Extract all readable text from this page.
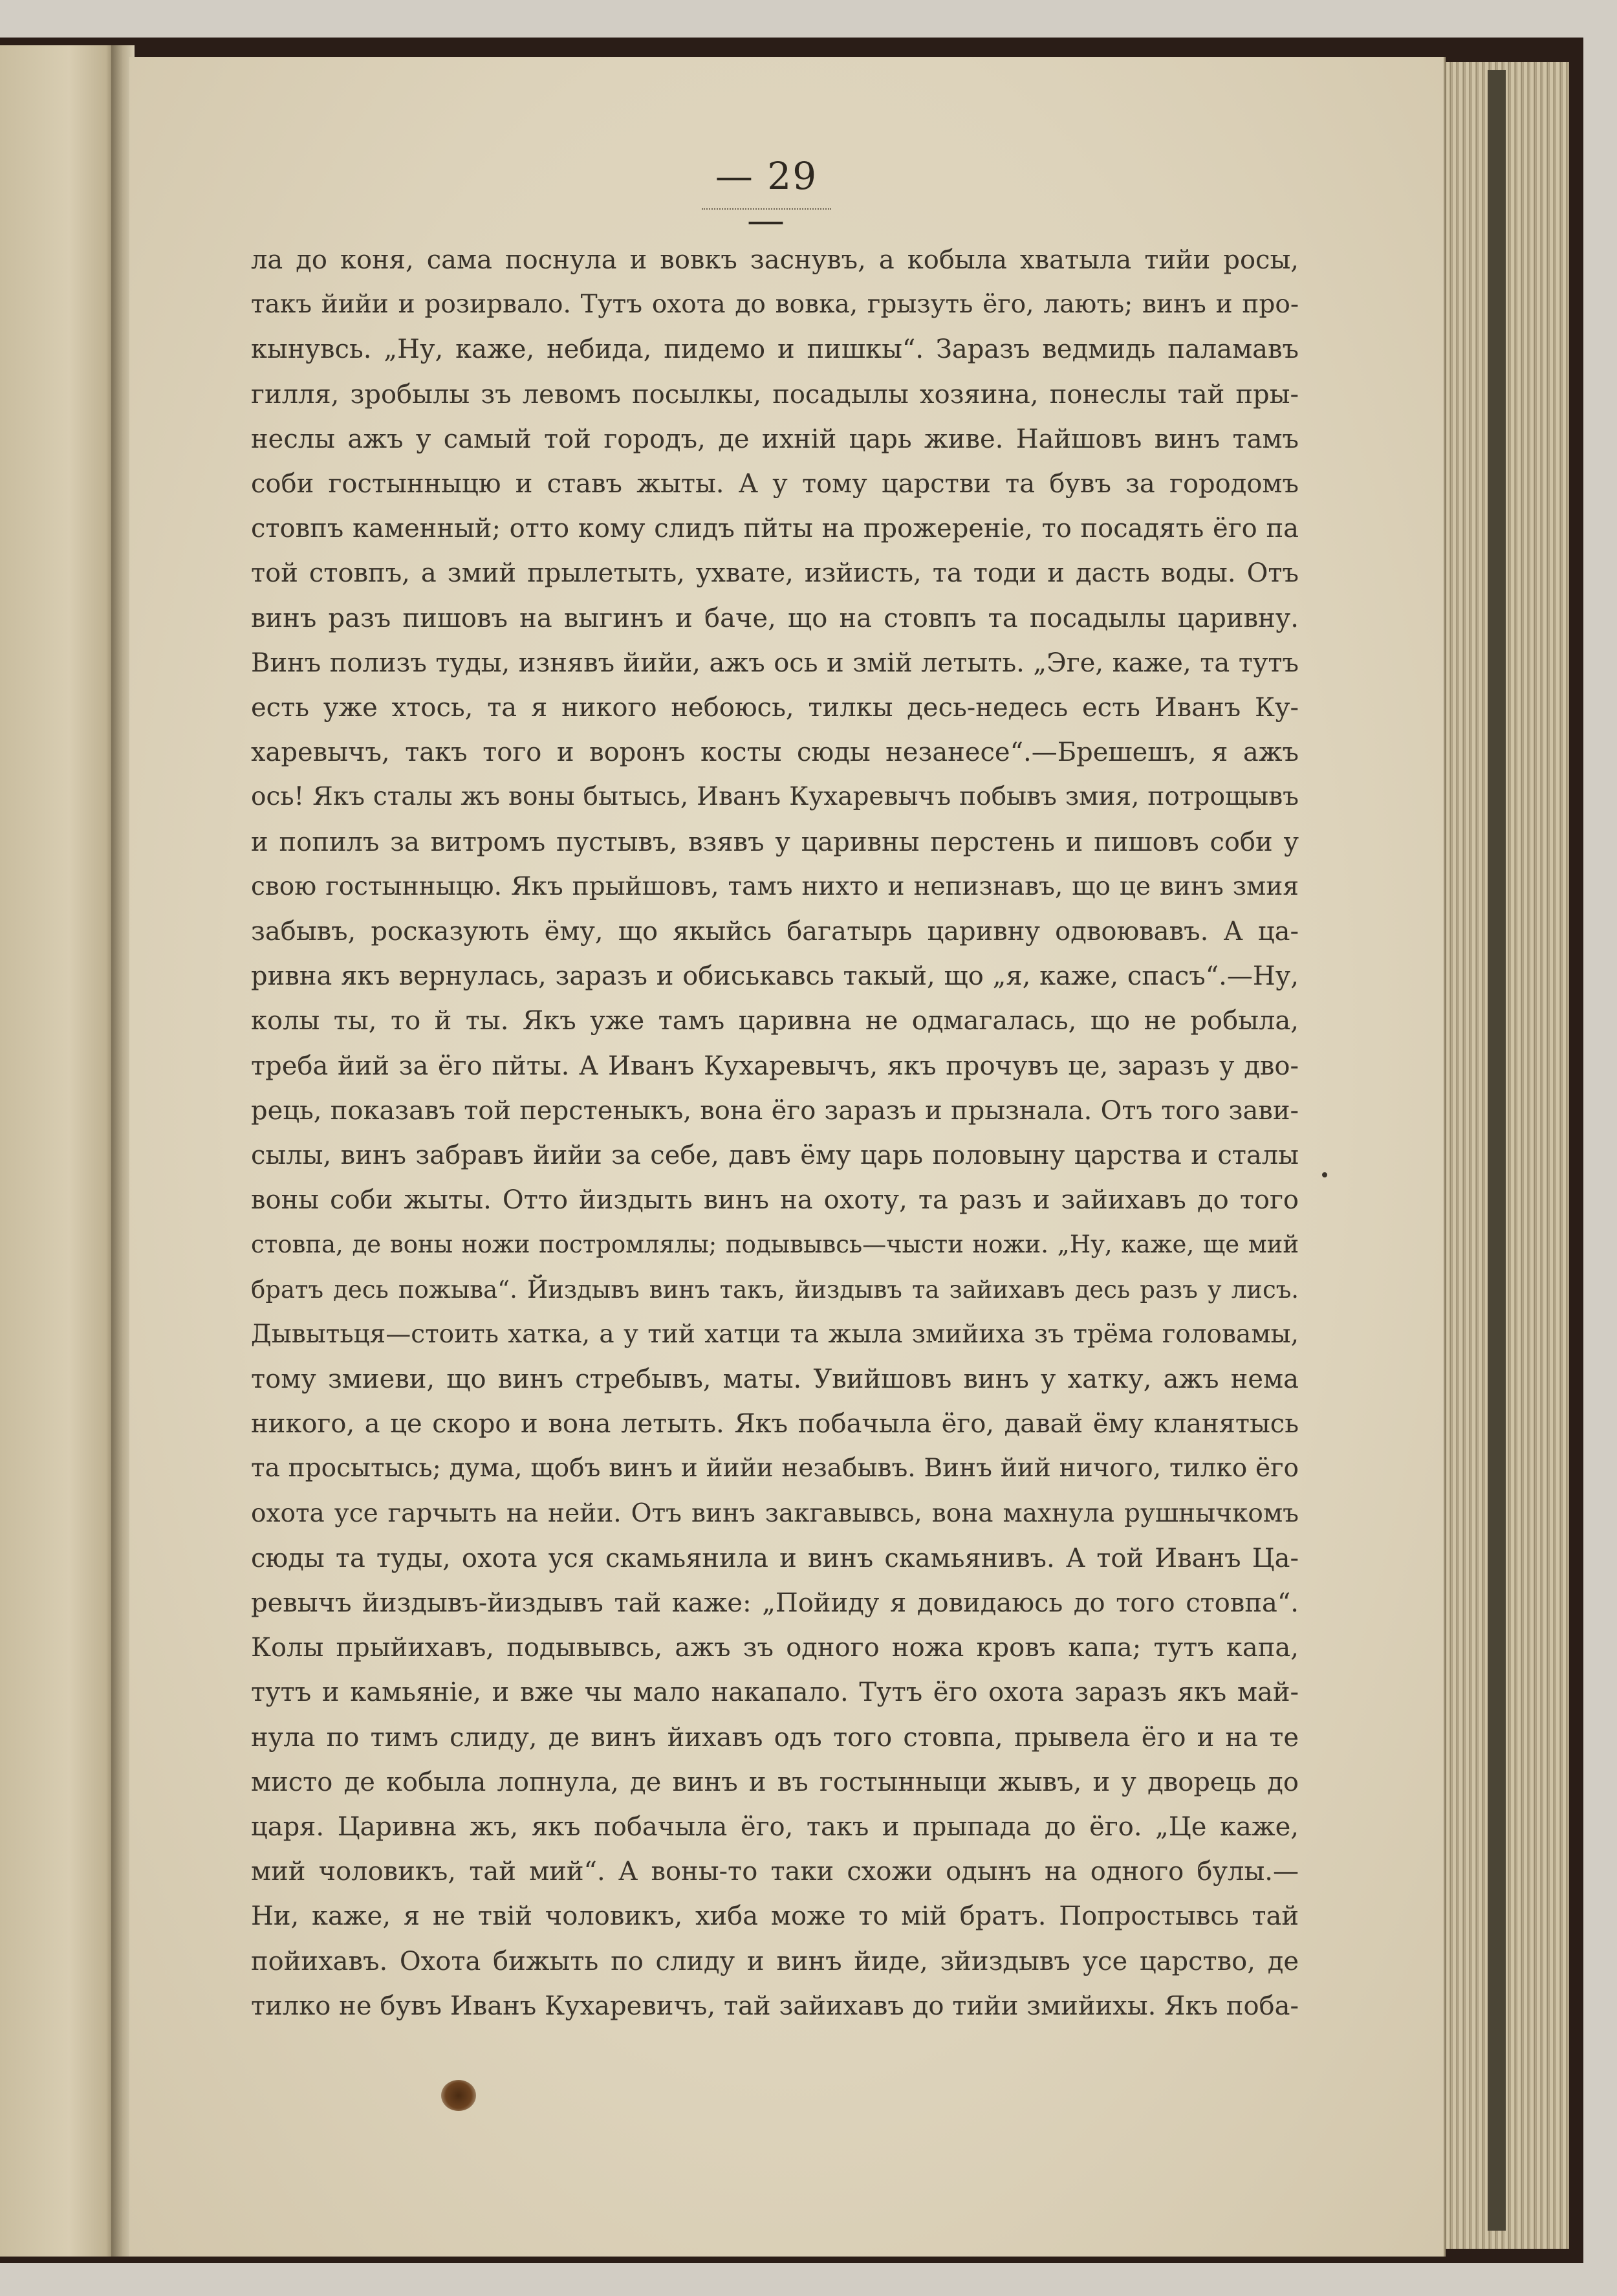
— 29 —
ла до коня, сама поснула и вовкъ заснувъ, а кобыла хватыла тийи росы,
такъ йийи и розирвало. Тутъ охота до вовка, грызуть ёго, лають; винъ и про-
кынувсь. „Ну, каже, небида, пидемо и пишкы“. Заразъ ведмидь паламавъ
гилля, зробылы зъ левомъ посылкы, посадылы хозяина, понеслы тай пры-
неслы ажъ у самый той городъ, де ихній царь живе. Найшовъ винъ тамъ
соби гостынныцю и ставъ жыты. А у тому царстви та бувъ за городомъ
стовпъ каменный; отто кому слидъ пйты на прожереніе, то посадять ёго па
той стовпъ, а змий прылетыть, ухвате, изйисть, та тоди и дасть воды. Отъ
винъ разъ пишовъ на выгинъ и баче, що на стовпъ та посадылы царивну.
Винъ полизъ туды, изнявъ йийи, ажъ ось и змій летыть. „Эге, каже, та тутъ
есть уже хтось, та я никого небоюсь, тилкы десь-недесь есть Иванъ Ку-
харевычъ, такъ того и воронъ косты сюды незанесе“.—Брешешъ, я ажъ
ось! Якъ сталы жъ воны бытысь, Иванъ Кухаревычъ побывъ змия, потрощывъ
и попилъ за витромъ пустывъ, взявъ у царивны перстень и пишовъ соби у
свою гостынныцю. Якъ прыйшовъ, тамъ нихто и непизнавъ, що це винъ змия
забывъ, росказують ёму, що якыйсь багатырь царивну одвоювавъ. А ца-
ривна якъ вернулась, заразъ и обиськавсь такый, що „я, каже, спасъ“.—Ну,
колы ты, то й ты. Якъ уже тамъ царивна не одмагалась, що не робыла,
треба йий за ёго пйты. А Иванъ Кухаревычъ, якъ прочувъ це, заразъ у дво-
рець, показавъ той перстеныкъ, вона ёго заразъ и прызнала. Отъ того зави-
сылы, винъ забравъ йийи за себе, давъ ёму царь половыну царства и сталы
воны соби жыты. Отто йиздыть винъ на охоту, та разъ и зайихавъ до того
стовпа, де воны ножи постромлялы; подывывсь—чысти ножи. „Ну, каже, ще мий
братъ десь пожыва“. Йиздывъ винъ такъ, йиздывъ та зайихавъ десь разъ у лисъ.
Дывытьця—стоить хатка, а у тий хатци та жыла змийиха зъ трёма головамы,
тому змиеви, що винъ стребывъ, маты. Увийшовъ винъ у хатку, ажъ нема
никого, а це скоро и вона летыть. Якъ побачыла ёго, давай ёму кланятысь
та просытысь; дума, щобъ винъ и йийи незабывъ. Винъ йий ничого, тилко ёго
охота усе гарчыть на нейи. Отъ винъ закгавывсь, вона махнула рушнычкомъ
сюды та туды, охота уся скамьянила и винъ скамьянивъ. А той Иванъ Ца-
ревычъ йиздывъ-йиздывъ тай каже: „Пойиду я довидаюсь до того стовпа“.
Колы прыйихавъ, подывывсь, ажъ зъ одного ножа кровъ капа; тутъ капа,
тутъ и камьяніе, и вже чы мало накапало. Тутъ ёго охота заразъ якъ май-
нула по тимъ слиду, де винъ йихавъ одъ того стовпа, прывела ёго и на те
мисто де кобыла лопнула, де винъ и въ гостынныци жывъ, и у дворець до
царя. Царивна жъ, якъ побачыла ёго, такъ и прыпада до ёго. „Це каже,
мий чоловикъ, тай мий“. А воны-то таки схожи одынъ на одного булы.—
Ни, каже, я не твій чоловикъ, хиба може то мій братъ. Попростывсь тай
пойихавъ. Охота бижыть по слиду и винъ йиде, зйиздывъ усе царство, де
тилко не бувъ Иванъ Кухаревичъ, тай зайихавъ до тийи змийихы. Якъ поба-
